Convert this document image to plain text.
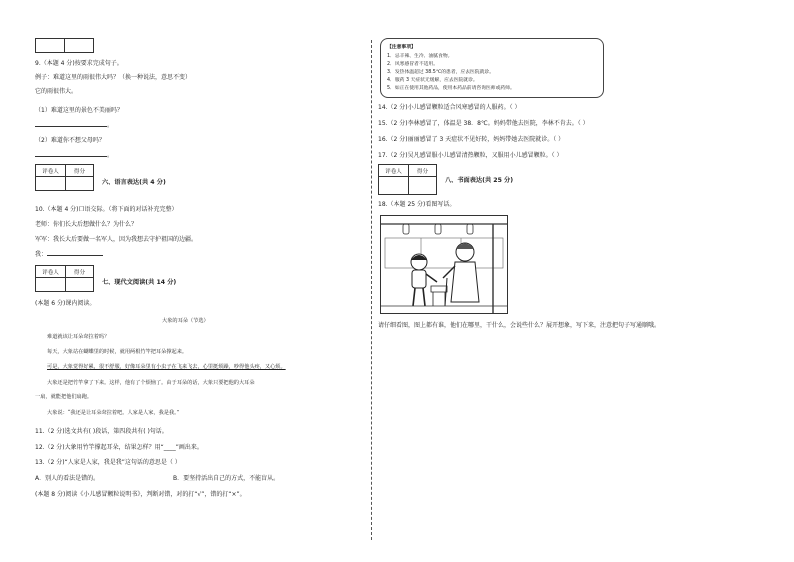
9.（本题 4 分)按要求完成句子。
例子：难道这里的雨很伟大吗？（换一种说法，意思不变）
它的雨很伟大。
（1）难道这里的景色不美丽吗？
。
（2）难道你不想父母吗？
。
评卷人	得分

六、语言表达(共 4 分)
10.（本题 4 分)口语交际。（将下面的对话补充完整）
老师：你们长大后想做什么？为什么？
军军：我长大后要做一名军人，因为我想去守护祖国的边疆。
我：
评卷人	得分

七、现代文阅读(共 14 分)
(本题 6 分)课内阅读。
大象的耳朵（节选）
难道就该让耳朵耷拉着吗？
每天，大象站在蝴蝶里的时候，就用两根竹竿把耳朵撑起来。
可是，大象觉得好累，很不舒服，好像耳朵里有小虫子在飞来飞去，心里挺烦躁，吵得他头疼，又心烦。
大象还是把竹竿拿了下来。这样，他有了个烦恼了。由于耳朵的话，大象只要把他的大耳朵
一扇，就能把他们扇跑。
大象说：“我还是让耳朵耷拉着吧。人家是人家，我是我。”
11.（2 分)选文共有( )段话，第四段共有( )句话。
12.（2 分)大象用竹竿撑起耳朵，结果怎样？用“____”画出来。
13.（2 分)“人家是人家，我是我”这句话的意思是（ ）
A．别人的看法是错的。	B．要坚持活出自己的方式，不能盲从。
(本题 8 分)阅读《小儿感冒颗粒说明书》，判断对错，对的打“√”，错的打“×”。
【注意事项】
1．忌辛辣、生冷、油腻食物。
2．风寒感冒者不适用。
3．发热体温超过 38.5℃的患者，应去医院就诊。
4．服药 3 天症状无缓解，应去医院就诊。
5．如正在使用其他药品，使用本药品前请咨询医师或药师。
14.（2 分)小儿感冒颗粒适合风寒感冒的人服药。（ ）
15.（2 分)李林感冒了，体温是 38．8℃。妈妈带他去医院，李林不肯去。（ ）
16.（2 分)丽丽感冒了 3 天症状不见好转，妈妈带她去医院就诊。（ ）
17.（2 分)吴凡感冒服小儿感冒清热颗粒，又服用小儿感冒颗粒。（ ）
评卷人	得分

八、书面表达(共 25 分)
18.（本题 25 分)看图写话。
请仔细看图，图上都有谁，他们在哪里，干什么，会说些什么？展开想象，写下来，注意把句子写通顺哦。
